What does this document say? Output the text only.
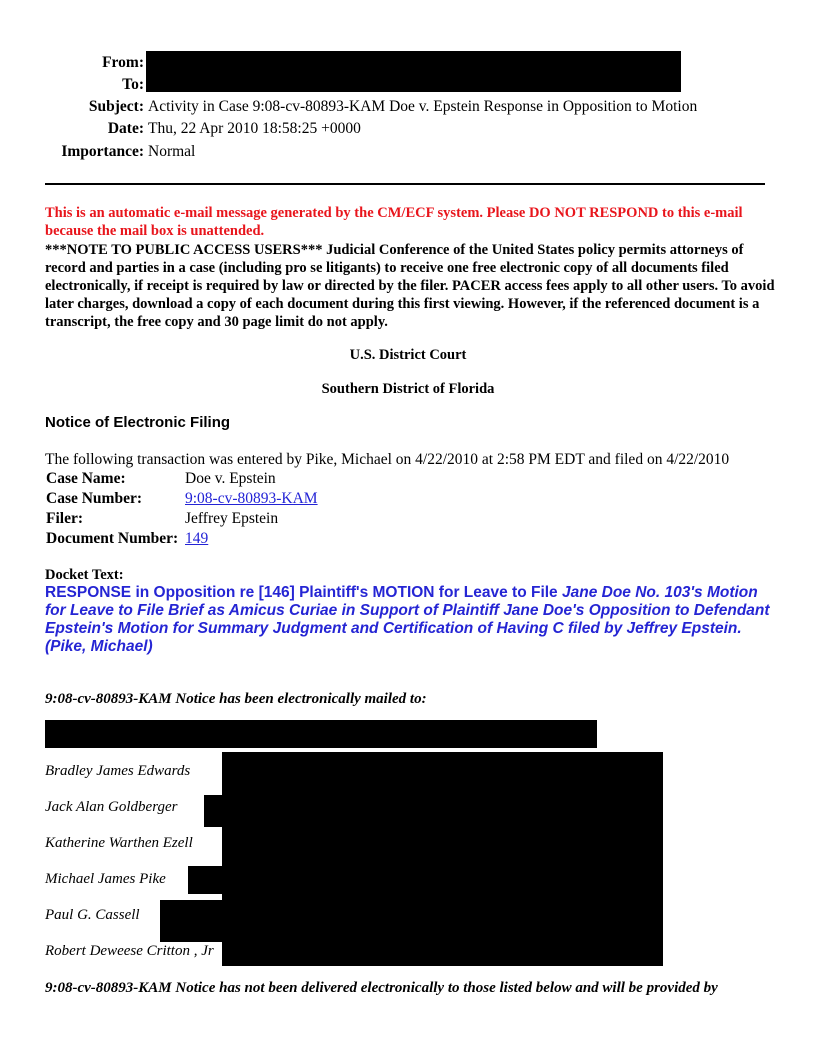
From:
To:
Subject: Activity in Case 9:08-cv-80893-KAM Doe v. Epstein Response in Opposition to Motion
Date: Thu, 22 Apr 2010 18:58:25 +0000
Importance: Normal
This is an automatic e-mail message generated by the CM/ECF system. Please DO NOT RESPOND to this e-mail because the mail box is unattended.
***NOTE TO PUBLIC ACCESS USERS*** Judicial Conference of the United States policy permits attorneys of record and parties in a case (including pro se litigants) to receive one free electronic copy of all documents filed electronically, if receipt is required by law or directed by the filer. PACER access fees apply to all other users. To avoid later charges, download a copy of each document during this first viewing. However, if the referenced document is a transcript, the free copy and 30 page limit do not apply.
U.S. District Court
Southern District of Florida
Notice of Electronic Filing
The following transaction was entered by Pike, Michael on 4/22/2010 at 2:58 PM EDT and filed on 4/22/2010
Case Name:	Doe v. Epstein
Case Number:	9:08-cv-80893-KAM
Filer:	Jeffrey Epstein
Document Number: 149
Docket Text:
RESPONSE in Opposition re [146] Plaintiff's MOTION for Leave to File Jane Doe No. 103's Motion for Leave to File Brief as Amicus Curiae in Support of Plaintiff Jane Doe's Opposition to Defendant Epstein's Motion for Summary Judgment and Certification of Having C filed by Jeffrey Epstein. (Pike, Michael)
9:08-cv-80893-KAM Notice has been electronically mailed to:
Bradley James Edwards
Jack Alan Goldberger
Katherine Warthen Ezell
Michael James Pike
Paul G. Cassell
Robert Deweese Critton , Jr
9:08-cv-80893-KAM Notice has not been delivered electronically to those listed below and will be provided by
